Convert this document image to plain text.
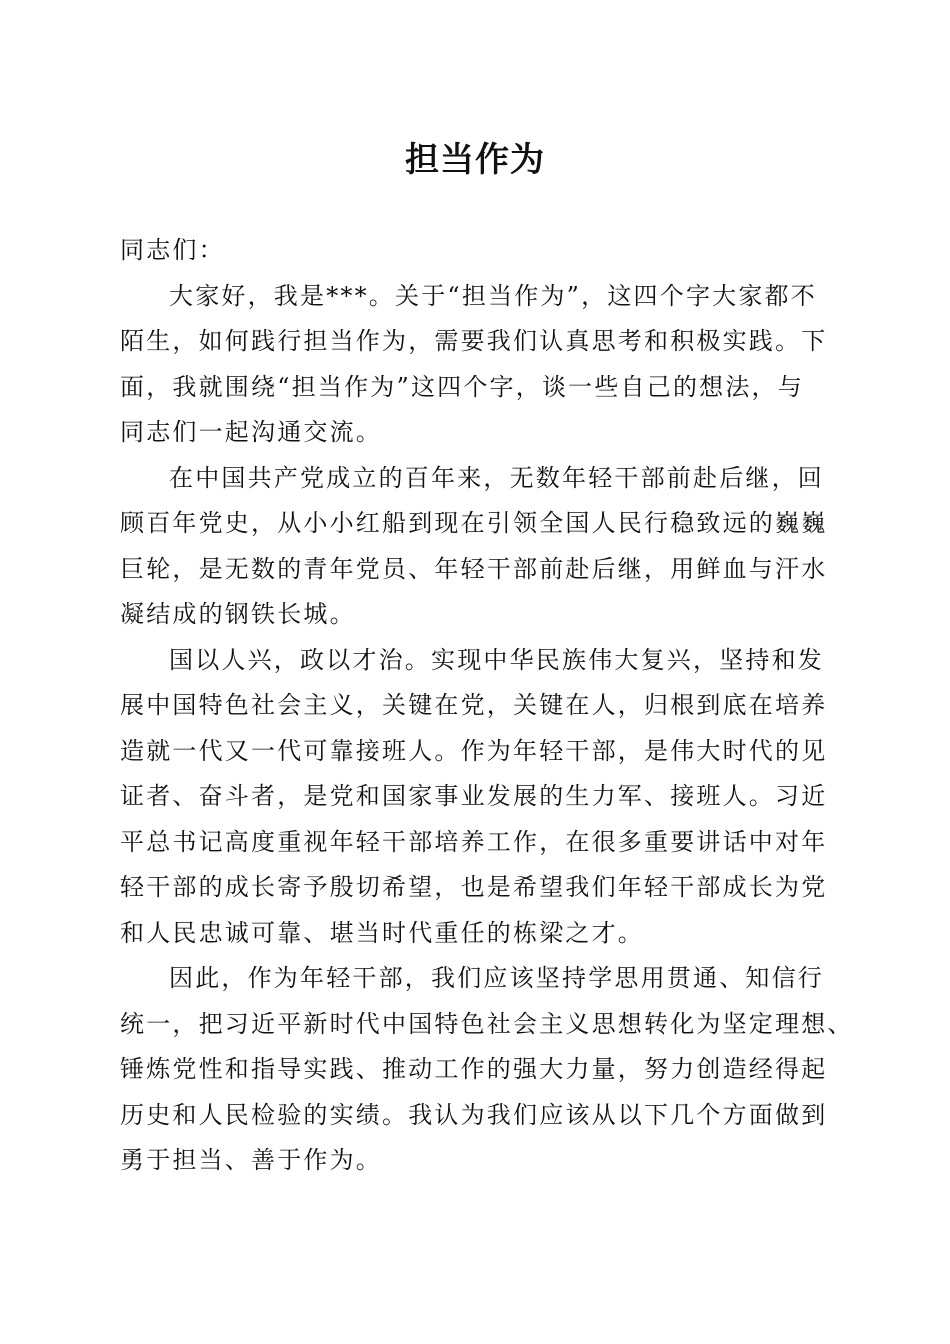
担当作为
同志们：
大家好，我是***。关于“担当作为”，这四个字大家都不
陌生，如何践行担当作为，需要我们认真思考和积极实践。下
面，我就围绕“担当作为”这四个字，谈一些自己的想法，与
同志们一起沟通交流。
在中国共产党成立的百年来，无数年轻干部前赴后继，回
顾百年党史，从小小红船到现在引领全国人民行稳致远的巍巍
巨轮，是无数的青年党员、年轻干部前赴后继，用鲜血与汗水
凝结成的钢铁长城。
国以人兴，政以才治。实现中华民族伟大复兴，坚持和发
展中国特色社会主义，关键在党，关键在人，归根到底在培养
造就一代又一代可靠接班人。作为年轻干部，是伟大时代的见
证者、奋斗者，是党和国家事业发展的生力军、接班人。习近
平总书记高度重视年轻干部培养工作，在很多重要讲话中对年
轻干部的成长寄予殷切希望，也是希望我们年轻干部成长为党
和人民忠诚可靠、堪当时代重任的栋梁之才。
因此，作为年轻干部，我们应该坚持学思用贯通、知信行
统一，把习近平新时代中国特色社会主义思想转化为坚定理想、
锤炼党性和指导实践、推动工作的强大力量，努力创造经得起
历史和人民检验的实绩。我认为我们应该从以下几个方面做到
勇于担当、善于作为。
